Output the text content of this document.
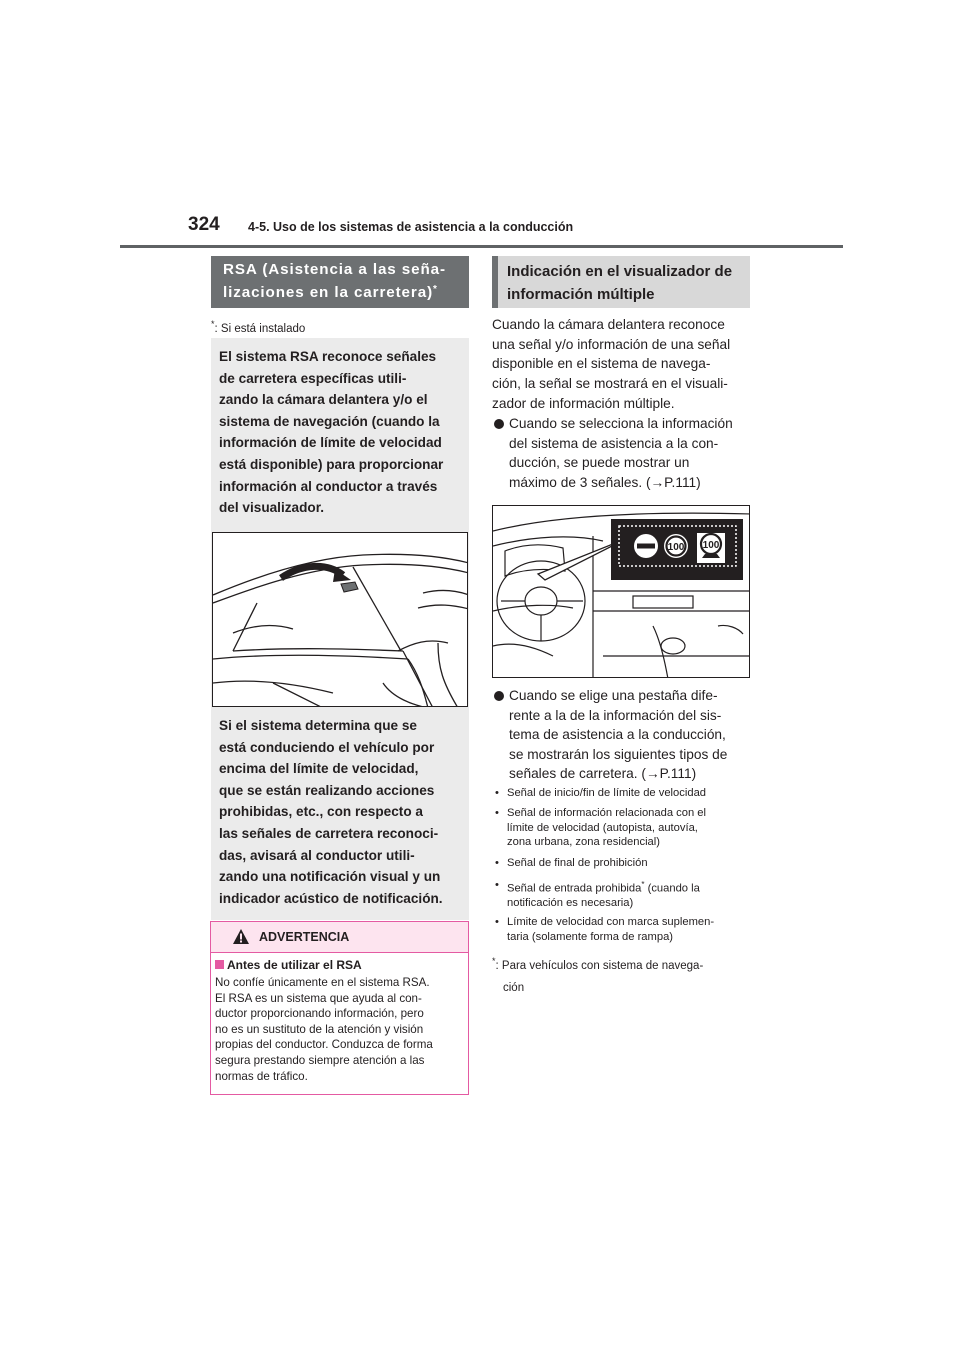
324 4-5. Uso de los sistemas de asistencia a la conducción
RSA (Asistencia a las seña-
lizaciones en la carretera)*
*: Si está instalado
El sistema RSA reconoce señales
de carretera específicas utili-
zando la cámara delantera y/o el
sistema de navegación (cuando la
información de límite de velocidad
está disponible) para proporcionar
información al conductor a través
del visualizador.
Si el sistema determina que se
está conduciendo el vehículo por
encima del límite de velocidad,
que se están realizando acciones
prohibidas, etc., con respecto a
las señales de carretera reconoci-
das, avisará al conductor utili-
zando una notificación visual y un
indicador acústico de notificación.
ADVERTENCIA
Antes de utilizar el RSA
No confíe únicamente en el sistema RSA.
El RSA es un sistema que ayuda al con-
ductor proporcionando información, pero
no es un sustituto de la atención y visión
propias del conductor. Conduzca de forma
segura prestando siempre atención a las
normas de tráfico.
Indicación en el visualizador de
información múltiple
Cuando la cámara delantera reconoce
una señal y/o información de una señal
disponible en el sistema de navega-
ción, la señal se mostrará en el visuali-
zador de información múltiple.
Cuando se selecciona la información
del sistema de asistencia a la con-
ducción, se puede mostrar un
máximo de 3 señales. (→P.111)
100 100
Cuando se elige una pestaña dife-
rente a la de la información del sis-
tema de asistencia a la conducción,
se mostrarán los siguientes tipos de
señales de carretera. (→P.111)
• Señal de inicio/fin de límite de velocidad
• Señal de información relacionada con el
límite de velocidad (autopista, autovía,
zona urbana, zona residencial)
• Señal de final de prohibición
• Señal de entrada prohibida* (cuando la
notificación es necesaria)
• Límite de velocidad con marca suplemen-
taria (solamente forma de rampa)
*: Para vehículos con sistema de navega-
ción
